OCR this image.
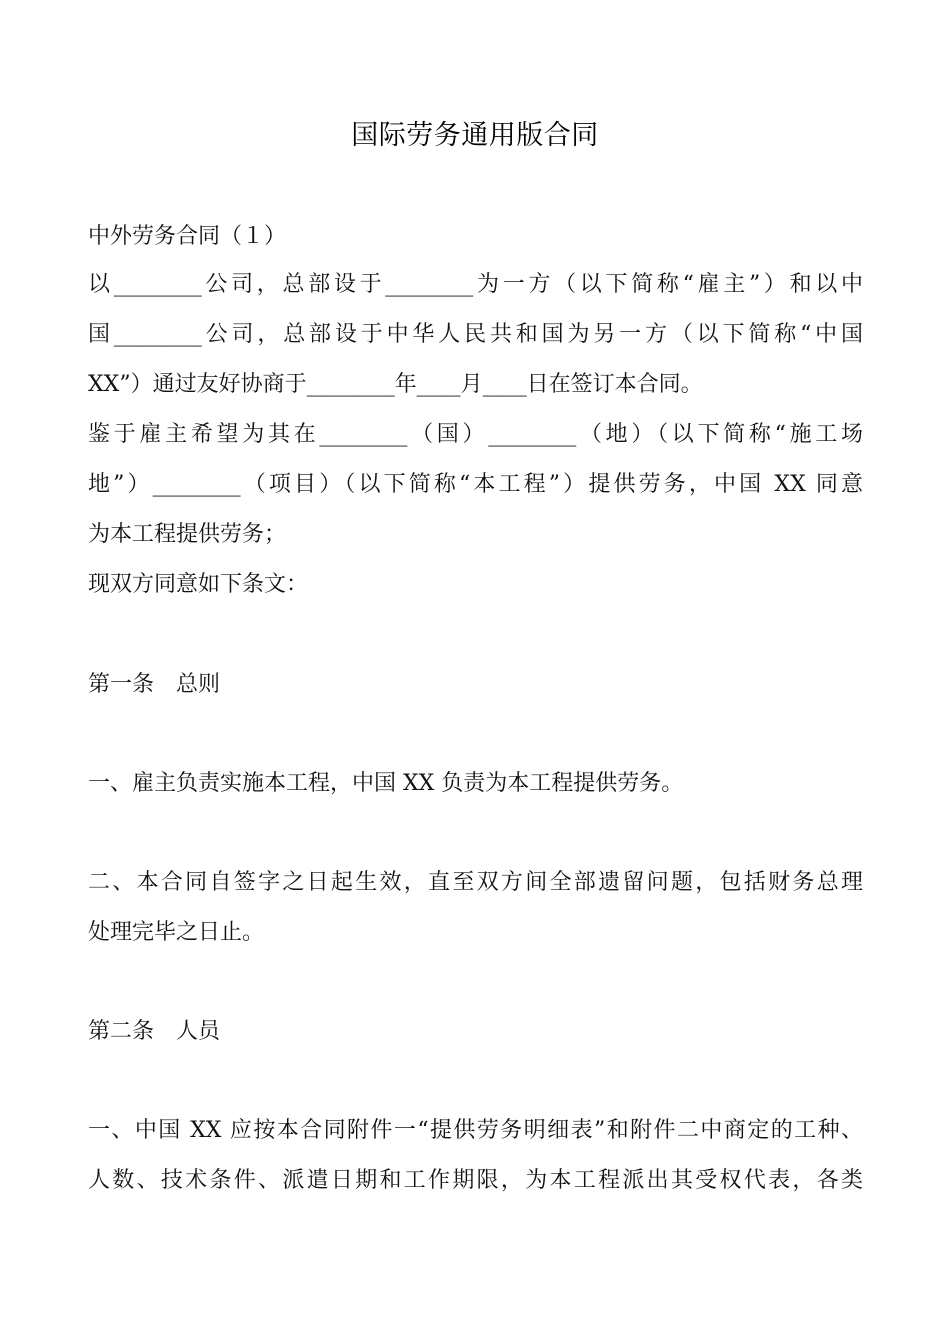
国际劳务通用版合同
中外劳务合同（１）
以________公司，总部设于________为一方（以下简称“雇主”）和以中
国________公司，总部设于中华人民共和国为另一方（以下简称“中国
XX”）通过友好协商于________年____月____日在签订本合同。
鉴于雇主希望为其在________（国）________（地）（以下简称“施工场
地”）________（项目）（以下简称“本工程”）提供劳务，中国 XX 同意
为本工程提供劳务；
现双方同意如下条文：
第一条　总则
一、雇主负责实施本工程，中国 XX 负责为本工程提供劳务。
二、本合同自签字之日起生效，直至双方间全部遗留问题，包括财务总理
处理完毕之日止。
第二条　人员
一、中国 XX 应按本合同附件一“提供劳务明细表”和附件二中商定的工种、
人数、技术条件、派遣日期和工作期限，为本工程派出其受权代表，各类
